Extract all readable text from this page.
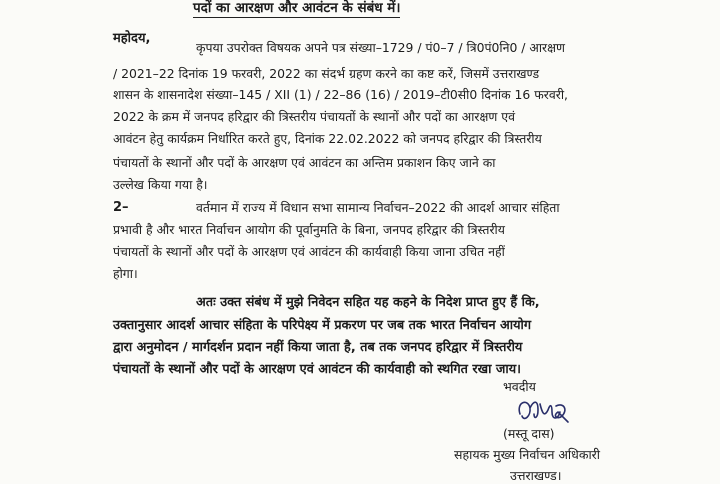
पदों का आरक्षण और आवंटन के संबंध में।
महोदय,
कृपया उपरोक्त विषयक अपने पत्र संख्या–1729 / पं0–7 / त्रि0पं0नि0 / आरक्षण
/ 2021–22 दिनांक 19 फरवरी, 2022 का संदर्भ ग्रहण करने का कष्ट करें, जिसमें उत्तराखण्ड
शासन के शासनादेश संख्या–145 / XII (1) / 22–86 (16) / 2019–टी0सी0 दिनांक 16 फरवरी,
2022 के क्रम में जनपद हरिद्वार की त्रिस्तरीय पंचायतों के स्थानों और पदों का आरक्षण एवं
आवंटन हेतु कार्यक्रम निर्धारित करते हुए, दिनांक 22.02.2022 को जनपद हरिद्वार की त्रिस्तरीय
पंचायतों के स्थानों और पदों के आरक्षण एवं आवंटन का अन्तिम प्रकाशन किए जाने का
उल्लेख किया गया है।
2–	वर्तमान में राज्य में विधान सभा सामान्य निर्वाचन–2022 की आदर्श आचार संहिता
प्रभावी है और भारत निर्वाचन आयोग की पूर्वानुमति के बिना, जनपद हरिद्वार की त्रिस्तरीय
पंचायतों के स्थानों और पदों के आरक्षण एवं आवंटन की कार्यवाही किया जाना उचित नहीं
होगा।
अतः उक्त संबंध में मुझे निवेदन सहित यह कहने के निदेश प्राप्त हुए हैं कि,
उक्तानुसार आदर्श आचार संहिता के परिपेक्ष्य में प्रकरण पर जब तक भारत निर्वाचन आयोग
द्वारा अनुमोदन / मार्गदर्शन प्रदान नहीं किया जाता है, तब तक जनपद हरिद्वार में त्रिस्तरीय
पंचायतों के स्थानों और पदों के आरक्षण एवं आवंटन की कार्यवाही को स्थगित रखा जाय।
भवदीय
(मस्तू दास)
सहायक मुख्य निर्वाचन अधिकारी
उत्तराखण्ड।
